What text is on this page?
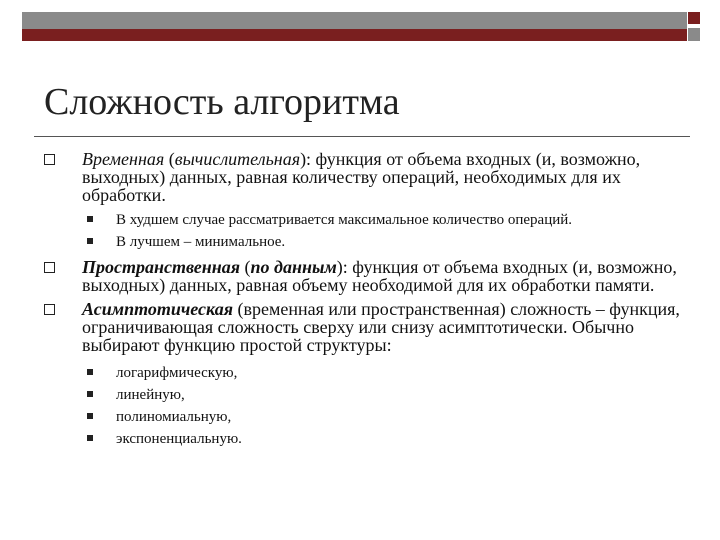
Сложность алгоритма

Временная (вычислительная): функция от объема входных (и, возможно, выходных) данных, равная количеству операций, необходимых для их обработки.

В худшем случае рассматривается максимальное количество операций.

В лучшем – минимальное.

Пространственная (по данным): функция от объема входных (и, возможно, выходных) данных, равная объему необходимой для их обработки памяти.

Асимптотическая (временная или пространственная) сложность – функция, ограничивающая сложность сверху или снизу асимптотически. Обычно выбирают функцию простой структуры:

логарифмическую,

линейную,

полиномиальную,

экспоненциальную.
